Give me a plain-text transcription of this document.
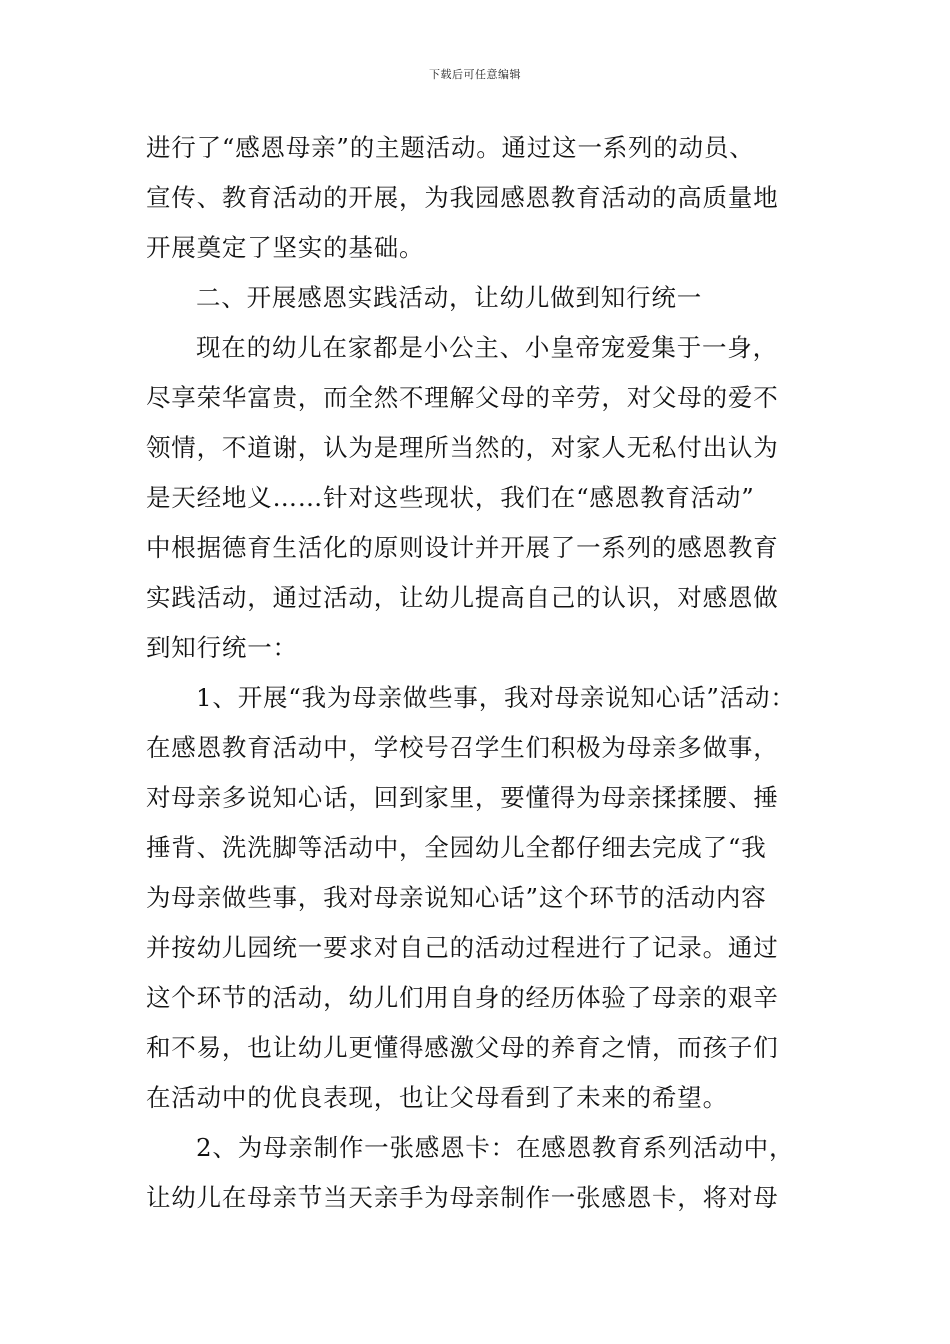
下载后可任意编辑
进行了“感恩母亲”的主题活动。通过这一系列的动员、
宣传、教育活动的开展，为我园感恩教育活动的高质量地
开展奠定了坚实的基础。
二、开展感恩实践活动，让幼儿做到知行统一
现在的幼儿在家都是小公主、小皇帝宠爱集于一身，
尽享荣华富贵，而全然不理解父母的辛劳，对父母的爱不
领情，不道谢，认为是理所当然的，对家人无私付出认为
是天经地义……针对这些现状，我们在“感恩教育活动”
中根据德育生活化的原则设计并开展了一系列的感恩教育
实践活动，通过活动，让幼儿提高自己的认识，对感恩做
到知行统一：
1、开展“我为母亲做些事，我对母亲说知心话”活动：
在感恩教育活动中，学校号召学生们积极为母亲多做事，
对母亲多说知心话，回到家里，要懂得为母亲揉揉腰、捶
捶背、洗洗脚等活动中，全园幼儿全都仔细去完成了“我
为母亲做些事，我对母亲说知心话”这个环节的活动内容
并按幼儿园统一要求对自己的活动过程进行了记录。通过
这个环节的活动，幼儿们用自身的经历体验了母亲的艰辛
和不易，也让幼儿更懂得感激父母的养育之情，而孩子们
在活动中的优良表现，也让父母看到了未来的希望。
2、为母亲制作一张感恩卡：在感恩教育系列活动中，
让幼儿在母亲节当天亲手为母亲制作一张感恩卡，将对母
